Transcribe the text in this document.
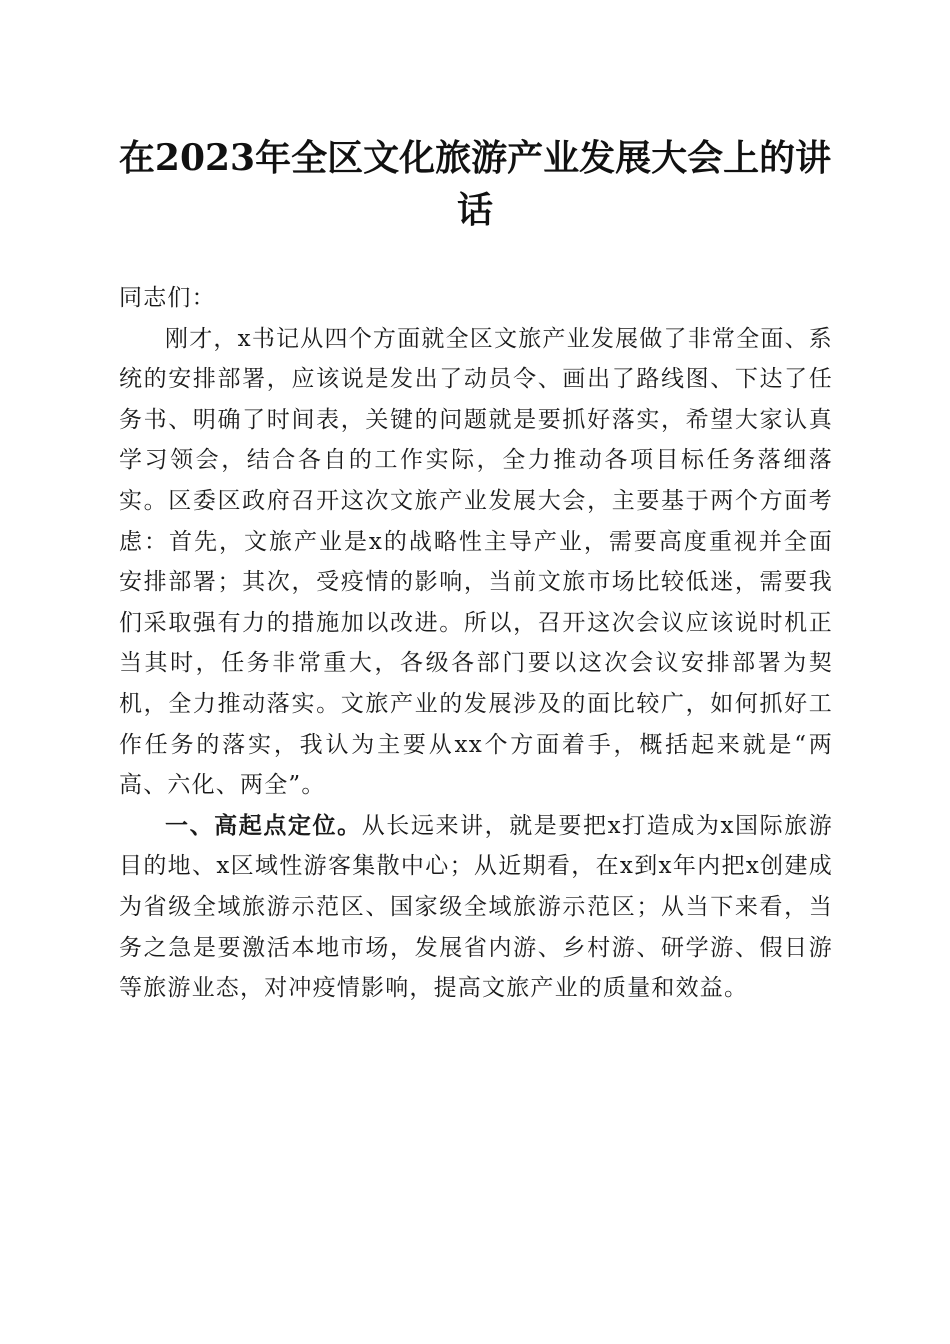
在2023年全区文化旅游产业发展大会上的讲话

同志们：

刚才，x书记从四个方面就全区文旅产业发展做了非常全面、系统的安排部署，应该说是发出了动员令、画出了路线图、下达了任务书、明确了时间表，关键的问题就是要抓好落实，希望大家认真学习领会，结合各自的工作实际，全力推动各项目标任务落细落实。区委区政府召开这次文旅产业发展大会，主要基于两个方面考虑：首先，文旅产业是x的战略性主导产业，需要高度重视并全面安排部署；其次，受疫情的影响，当前文旅市场比较低迷，需要我们采取强有力的措施加以改进。所以，召开这次会议应该说时机正当其时，任务非常重大，各级各部门要以这次会议安排部署为契机，全力推动落实。文旅产业的发展涉及的面比较广，如何抓好工作任务的落实，我认为主要从xx个方面着手，概括起来就是“两高、六化、两全”。

一、高起点定位。从长远来讲，就是要把x打造成为x国际旅游目的地、x区域性游客集散中心；从近期看，在x到x年内把x创建成为省级全域旅游示范区、国家级全域旅游示范区；从当下来看，当务之急是要激活本地市场，发展省内游、乡村游、研学游、假日游等旅游业态，对冲疫情影响，提高文旅产业的质量和效益。
